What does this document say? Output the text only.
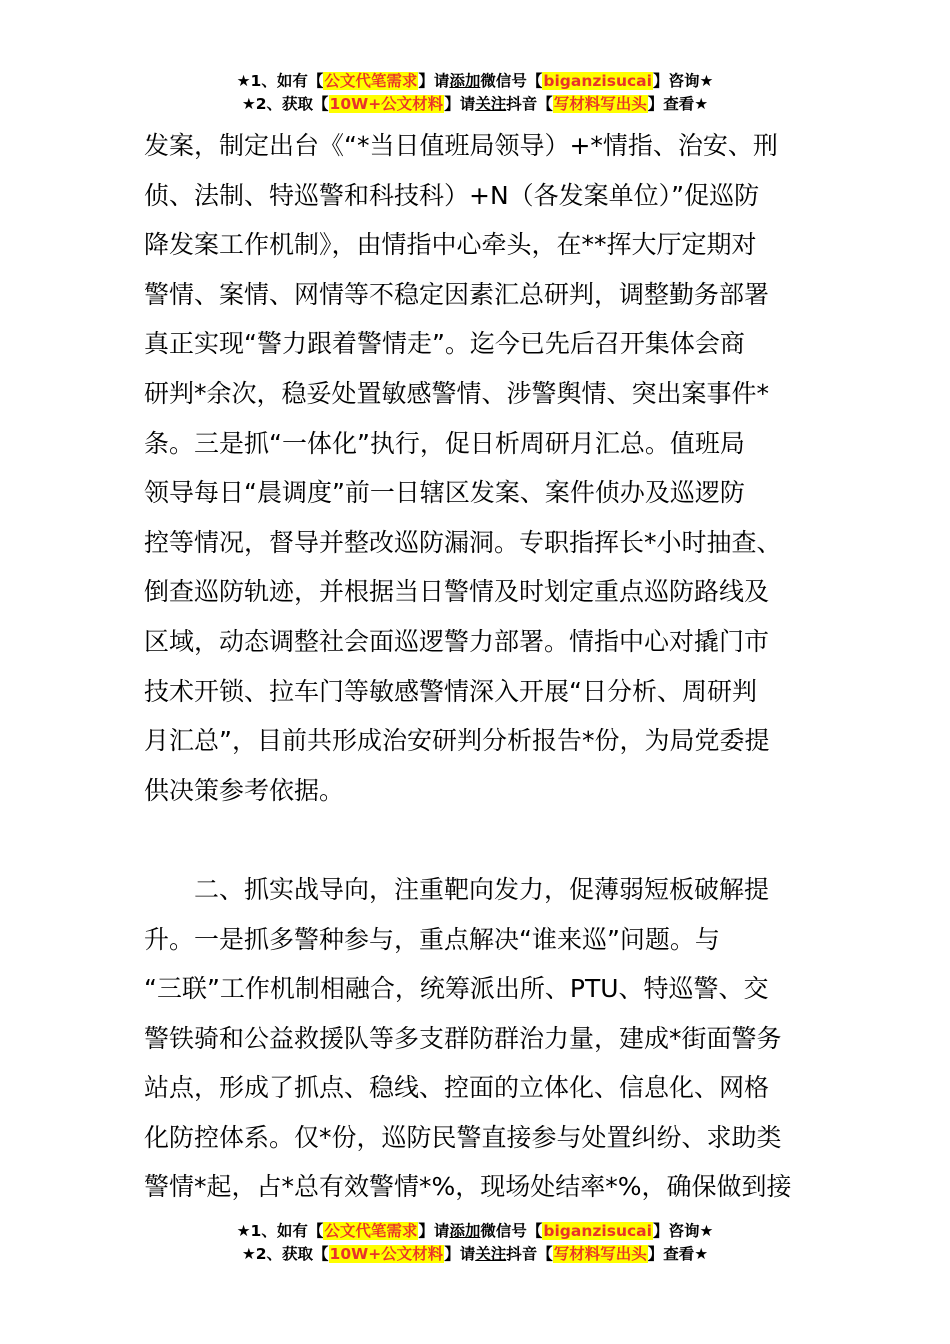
★1、如有【公文代笔需求】请添加微信号【biganzisucai】咨询★
★2、获取【10W+公文材料】请关注抖音【写材料写出头】查看★
发案，制定出台《“*当日值班局领导）+*情指、治安、刑
侦、法制、特巡警和科技科）+N（各发案单位）”促巡防
降发案工作机制》，由情指中心牵头，在**挥大厅定期对
警情、案情、网情等不稳定因素汇总研判，调整勤务部署
真正实现“警力跟着警情走”。迄今已先后召开集体会商
研判*余次，稳妥处置敏感警情、涉警舆情、突出案事件*
条。三是抓“一体化”执行，促日析周研月汇总。值班局
领导每日“晨调度”前一日辖区发案、案件侦办及巡逻防
控等情况，督导并整改巡防漏洞。专职指挥长*小时抽查、
倒查巡防轨迹，并根据当日警情及时划定重点巡防路线及
区域，动态调整社会面巡逻警力部署。情指中心对撬门市
技术开锁、拉车门等敏感警情深入开展“日分析、周研判
月汇总”，目前共形成治安研判分析报告*份，为局党委提
供决策参考依据。
　　二、抓实战导向，注重靶向发力，促薄弱短板破解提
升。一是抓多警种参与，重点解决“谁来巡”问题。与
“三联”工作机制相融合，统筹派出所、PTU、特巡警、交
警铁骑和公益救援队等多支群防群治力量，建成*街面警务
站点，形成了抓点、稳线、控面的立体化、信息化、网格
化防控体系。仅*份，巡防民警直接参与处置纠纷、求助类
警情*起，占*总有效警情*%，现场处结率*%，确保做到接
★1、如有【公文代笔需求】请添加微信号【biganzisucai】咨询★
★2、获取【10W+公文材料】请关注抖音【写材料写出头】查看★
